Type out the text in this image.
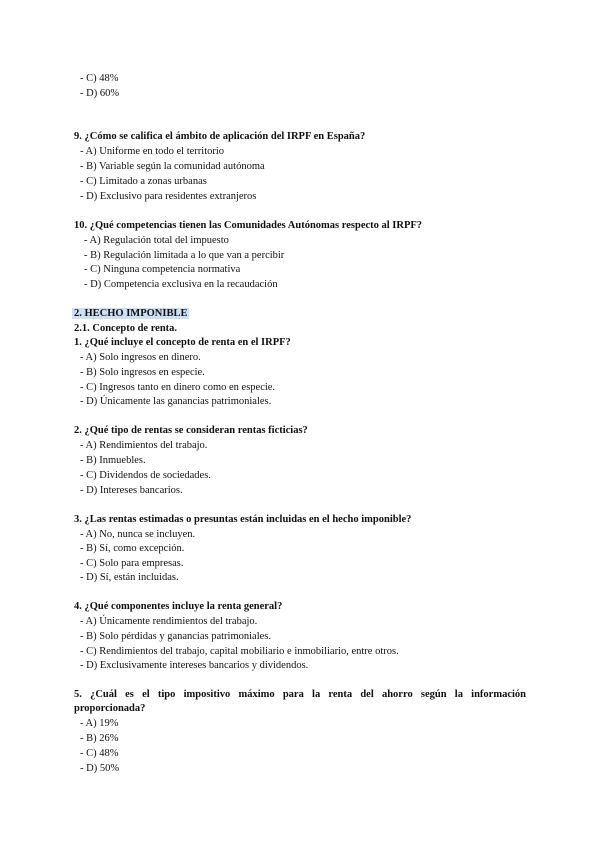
- C) 48%
- D) 60%
9. ¿Cómo se califica el ámbito de aplicación del IRPF en España?
- A) Uniforme en todo el territorio
- B) Variable según la comunidad autónoma
- C) Limitado a zonas urbanas
- D) Exclusivo para residentes extranjeros
10. ¿Qué competencias tienen las Comunidades Autónomas respecto al IRPF?
- A) Regulación total del impuesto
- B) Regulación limitada a lo que van a percibir
- C) Ninguna competencia normativa
- D) Competencia exclusiva en la recaudación
2. HECHO IMPONIBLE
2.1. Concepto de renta.
1. ¿Qué incluye el concepto de renta en el IRPF?
- A) Solo ingresos en dinero.
- B) Solo ingresos en especie.
- C) Ingresos tanto en dinero como en especie.
- D) Únicamente las ganancias patrimoniales.
2. ¿Qué tipo de rentas se consideran rentas ficticias?
- A) Rendimientos del trabajo.
- B) Inmuebles.
- C) Dividendos de sociedades.
- D) Intereses bancarios.
3. ¿Las rentas estimadas o presuntas están incluidas en el hecho imponible?
- A) No, nunca se incluyen.
- B) Sí, como excepción.
- C) Solo para empresas.
- D) Sí, están incluidas.
4. ¿Qué componentes incluye la renta general?
- A) Únicamente rendimientos del trabajo.
- B) Solo pérdidas y ganancias patrimoniales.
- C) Rendimientos del trabajo, capital mobiliario e inmobiliario, entre otros.
- D) Exclusivamente intereses bancarios y dividendos.
5. ¿Cuál es el tipo impositivo máximo para la renta del ahorro según la información
proporcionada?
- A) 19%
- B) 26%
- C) 48%
- D) 50%
